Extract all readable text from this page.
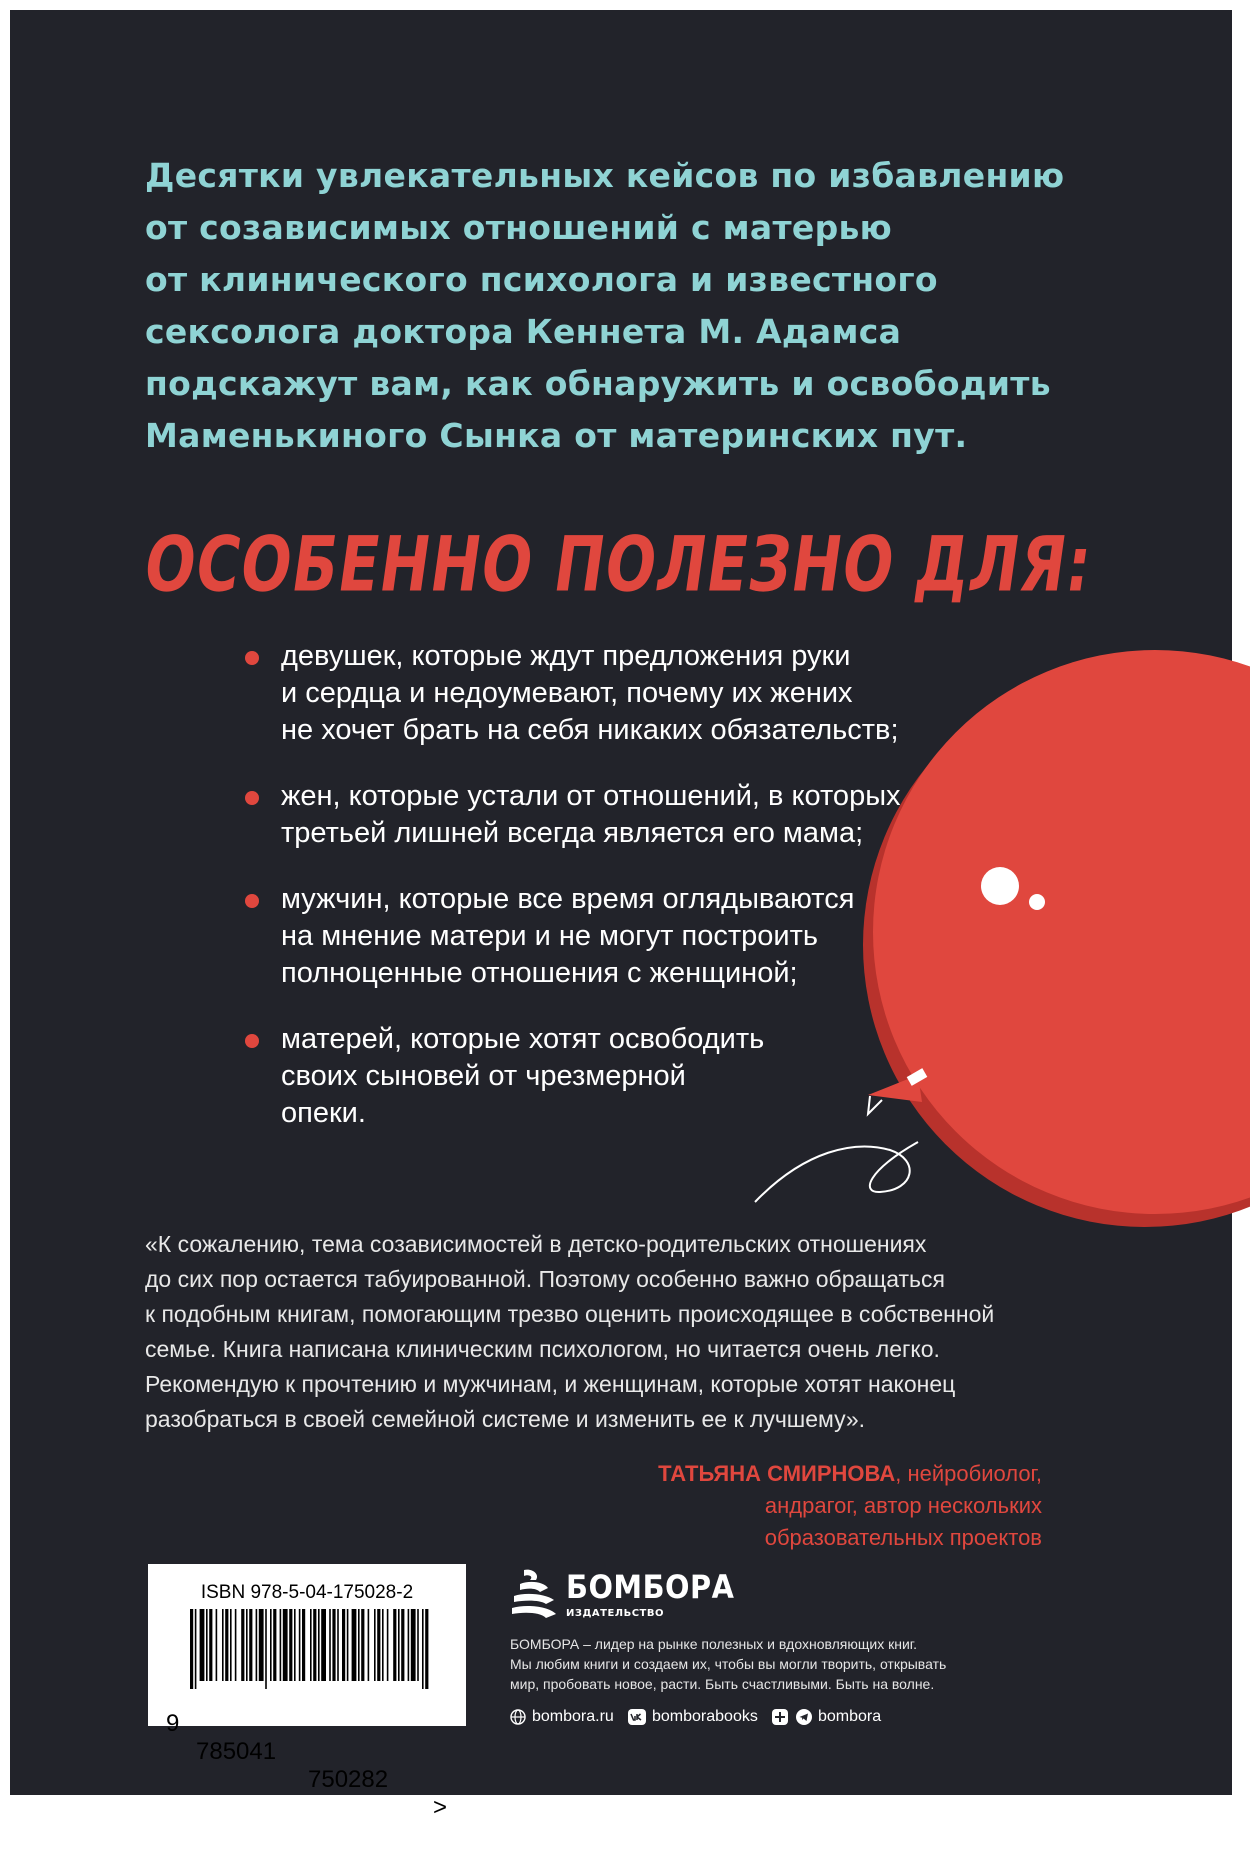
Десятки увлекательных кейсов по избавлению
от созависимых отношений с матерью
от клинического психолога и известного
сексолога доктора Кеннета М. Адамса
подскажут вам, как обнаружить и освободить
Маменькиного Сынка от материнских пут.

ОСОБЕННО ПОЛЕЗНО ДЛЯ:
девушек, которые ждут предложения руки
и сердца и недоумевают, почему их жених
не хочет брать на себя никаких обязательств;
жен, которые устали от отношений, в которых
третьей лишней всегда является его мама;
мужчин, которые все время оглядываются
на мнение матери и не могут построить
полноценные отношения с женщиной;
матерей, которые хотят освободить
своих сыновей от чрезмерной
опеки.

«К сожалению, тема созависимостей в детско-родительских отношениях
до сих пор остается табуированной. Поэтому особенно важно обращаться
к подобным книгам, помогающим трезво оценить происходящее в собственной
семье. Книга написана клиническим психологом, но читается очень легко.
Рекомендую к прочтению и мужчинам, и женщинам, которые хотят наконец
разобраться в своей семейной системе и изменить ее к лучшему».

ТАТЬЯНА СМИРНОВА, нейробиолог,
андрагог, автор нескольких
образовательных проектов
ISBN 978-5-04-175028-2

9

785041

750282

>

БОМБОРА
ИЗДАТЕЛЬСТВО
БОМБОРА – лидер на рынке полезных и вдохновляющих книг.
Мы любим книги и создаем их, чтобы вы могли творить, открывать
мир, пробовать новое, расти. Быть счастливыми. Быть на волне.
bombora.ru bomborabooks	bombora
